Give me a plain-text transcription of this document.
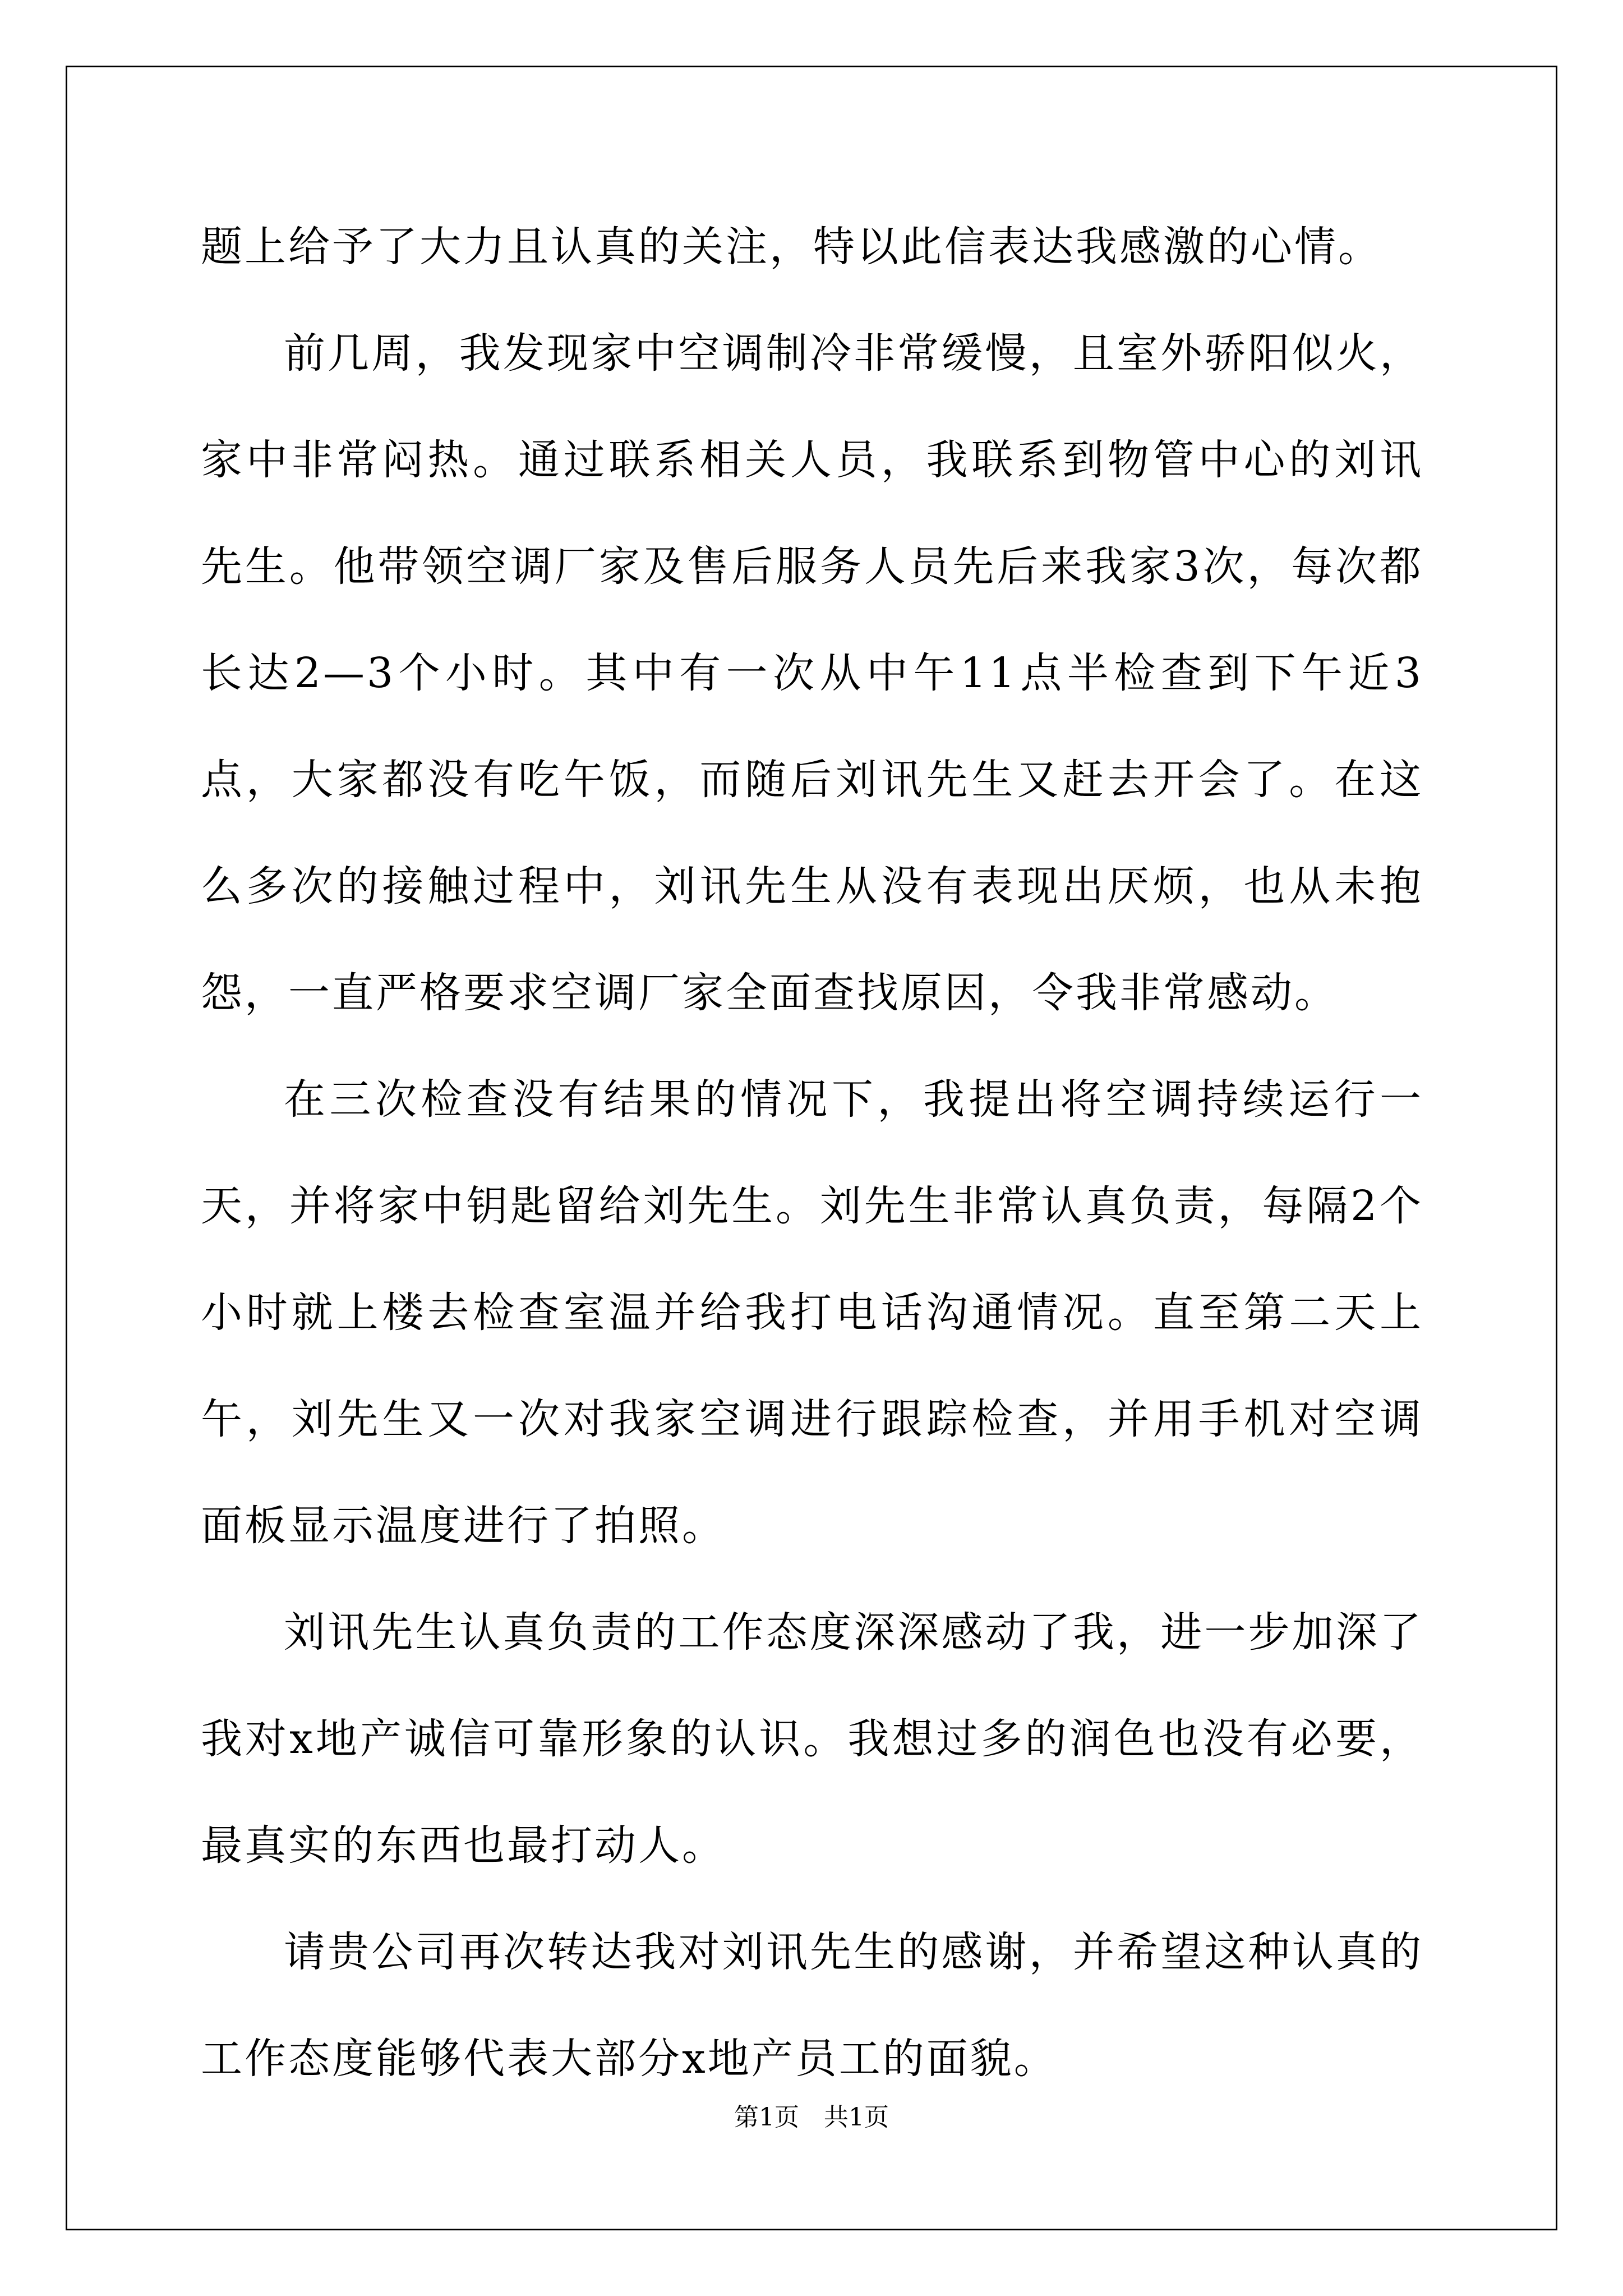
题上给予了大力且认真的关注，特以此信表达我感激的心情。

前几周，我发现家中空调制冷非常缓慢，且室外骄阳似火，家中非常闷热。通过联系相关人员，我联系到物管中心的刘讯先生。他带领空调厂家及售后服务人员先后来我家3次，每次都长达2—3个小时。其中有一次从中午11点半检查到下午近3点，大家都没有吃午饭，而随后刘讯先生又赶去开会了。在这么多次的接触过程中，刘讯先生从没有表现出厌烦，也从未抱怨，一直严格要求空调厂家全面查找原因，令我非常感动。

在三次检查没有结果的情况下，我提出将空调持续运行一天，并将家中钥匙留给刘先生。刘先生非常认真负责，每隔2个小时就上楼去检查室温并给我打电话沟通情况。直至第二天上午，刘先生又一次对我家空调进行跟踪检查，并用手机对空调面板显示温度进行了拍照。

刘讯先生认真负责的工作态度深深感动了我，进一步加深了我对x地产诚信可靠形象的认识。我想过多的润色也没有必要，最真实的东西也最打动人。

请贵公司再次转达我对刘讯先生的感谢，并希望这种认真的工作态度能够代表大部分x地产员工的面貌。

第1页　共1页
